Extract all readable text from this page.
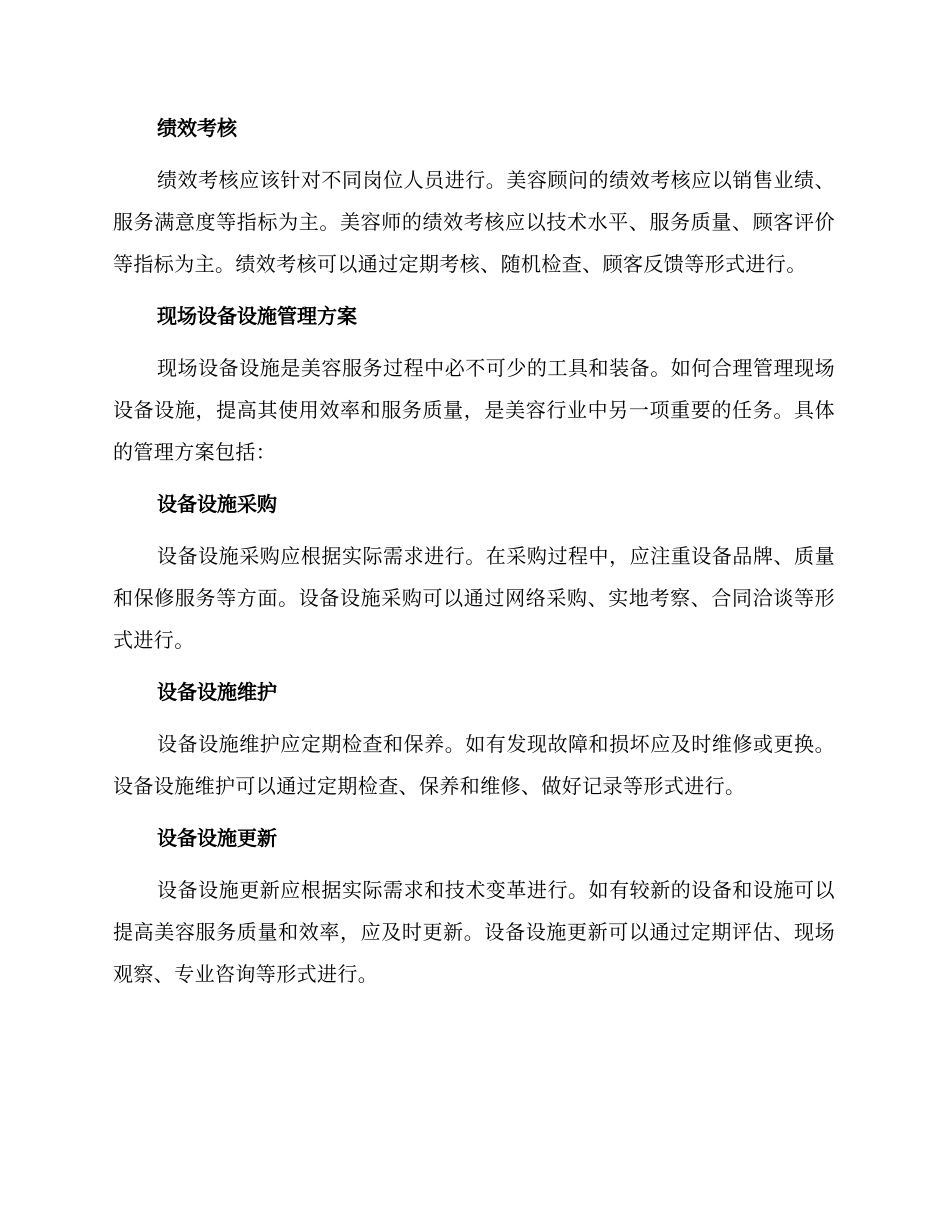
绩效考核
绩效考核应该针对不同岗位人员进行。美容顾问的绩效考核应以销售业绩、服务满意度等指标为主。美容师的绩效考核应以技术水平、服务质量、顾客评价等指标为主。绩效考核可以通过定期考核、随机检查、顾客反馈等形式进行。
现场设备设施管理方案
现场设备设施是美容服务过程中必不可少的工具和装备。如何合理管理现场设备设施，提高其使用效率和服务质量，是美容行业中另一项重要的任务。具体的管理方案包括：
设备设施采购
设备设施采购应根据实际需求进行。在采购过程中，应注重设备品牌、质量和保修服务等方面。设备设施采购可以通过网络采购、实地考察、合同洽谈等形式进行。
设备设施维护
设备设施维护应定期检查和保养。如有发现故障和损坏应及时维修或更换。设备设施维护可以通过定期检查、保养和维修、做好记录等形式进行。
设备设施更新
设备设施更新应根据实际需求和技术变革进行。如有较新的设备和设施可以提高美容服务质量和效率，应及时更新。设备设施更新可以通过定期评估、现场观察、专业咨询等形式进行。
